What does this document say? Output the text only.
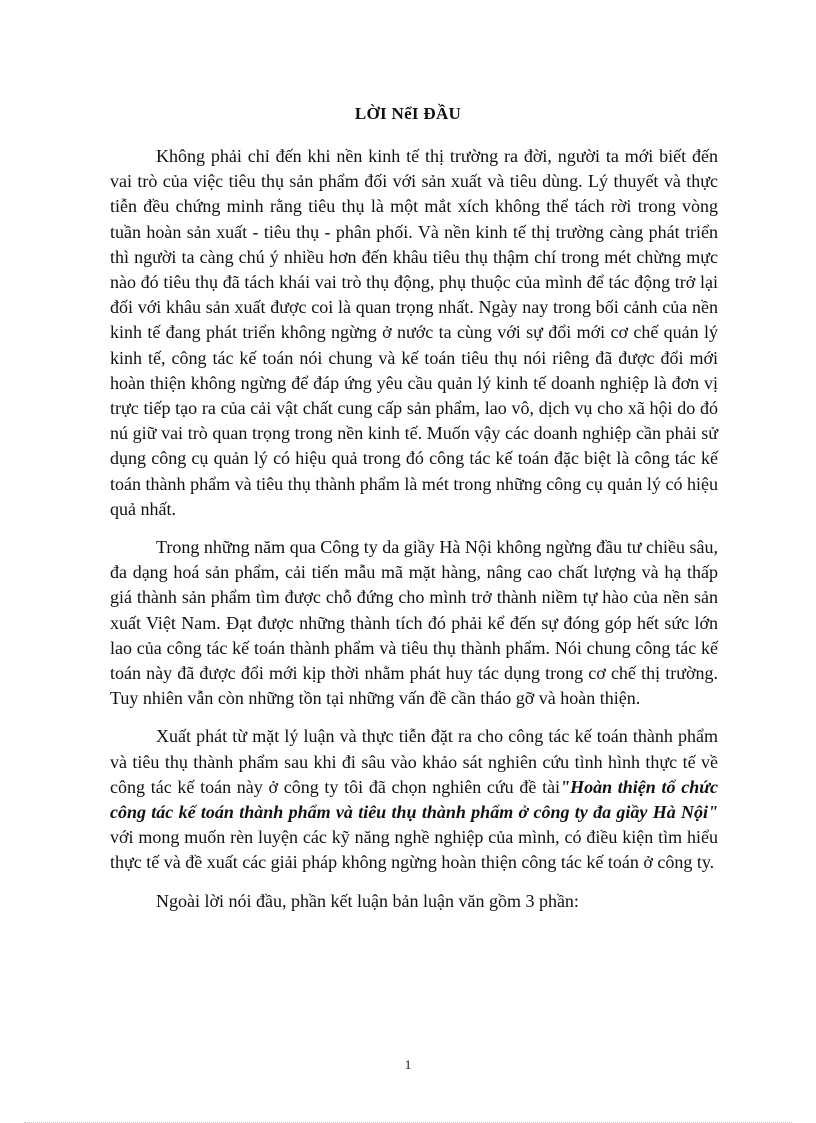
LỜI NểI ĐẦU

Không phải chỉ đến khi nền kinh tế thị trường ra đời, người ta mới biết đến vai trò của việc tiêu thụ sản phẩm đối với sản xuất và tiêu dùng. Lý thuyết và thực tiễn đều chứng minh rằng tiêu thụ là một mắt xích không thể tách rời trong vòng tuần hoàn sản xuất - tiêu thụ - phân phối. Và nền kinh tế thị trường càng phát triển thì người ta càng chú ý nhiều hơn đến khâu tiêu thụ thậm chí trong mét chừng mực nào đó tiêu thụ đã tách khái vai trò thụ động, phụ thuộc của mình để tác động trở lại đối với khâu sản xuất được coi là quan trọng nhất. Ngày nay trong bối cảnh của nền kinh tế đang phát triển không ngừng ở nước ta cùng với sự đổi mới cơ chế quản lý kinh tế, công tác kế toán nói chung và kế toán tiêu thụ nói riêng đã được đổi mới hoàn thiện không ngừng để đáp ứng yêu cầu quản lý kinh tế doanh nghiệp là đơn vị trực tiếp tạo ra của cải vật chất cung cấp sản phẩm, lao vô, dịch vụ cho xã hội do đó nú giữ vai trò quan trọng trong nền kinh tế. Muốn vậy các doanh nghiệp cần phải sử dụng công cụ quản lý có hiệu quả trong đó công tác kế toán đặc biệt là công tác kế toán thành phẩm và tiêu thụ thành phẩm là mét trong những công cụ quản lý có hiệu quả nhất.

Trong những năm qua Công ty da giầy Hà Nội không ngừng đầu tư chiều sâu, đa dạng hoá sản phẩm, cải tiến mẫu mã mặt hàng, nâng cao chất lượng và hạ thấp giá thành sản phẩm tìm được chỗ đứng cho mình trở thành niềm tự hào của nền sản xuất Việt Nam. Đạt được những thành tích đó phải kể đến sự đóng góp hết sức lớn lao của công tác kế toán thành phẩm và tiêu thụ thành phẩm. Nói chung công tác kế toán này đã được đổi mới kịp thời nhằm phát huy tác dụng trong cơ chế thị trường. Tuy nhiên vẫn còn những tồn tại những vấn đề cần tháo gỡ và hoàn thiện.

Xuất phát từ mặt lý luận và thực tiễn đặt ra cho công tác kế toán thành phẩm và tiêu thụ thành phẩm sau khi đi sâu vào khảo sát nghiên cứu tình hình thực tế về công tác kế toán này ở công ty tôi đã chọn nghiên cứu đề tài"Hoàn thiện tổ chức công tác kế toán thành phẩm và tiêu thụ thành phẩm ở công ty đa giầy Hà Nội" với mong muốn rèn luyện các kỹ năng nghề nghiệp của mình, có điều kiện tìm hiểu thực tế và đề xuất các giải pháp không ngừng hoàn thiện công tác kế toán ở công ty.

Ngoài lời nói đầu, phần kết luận bản luận văn gồm 3 phần:

1
